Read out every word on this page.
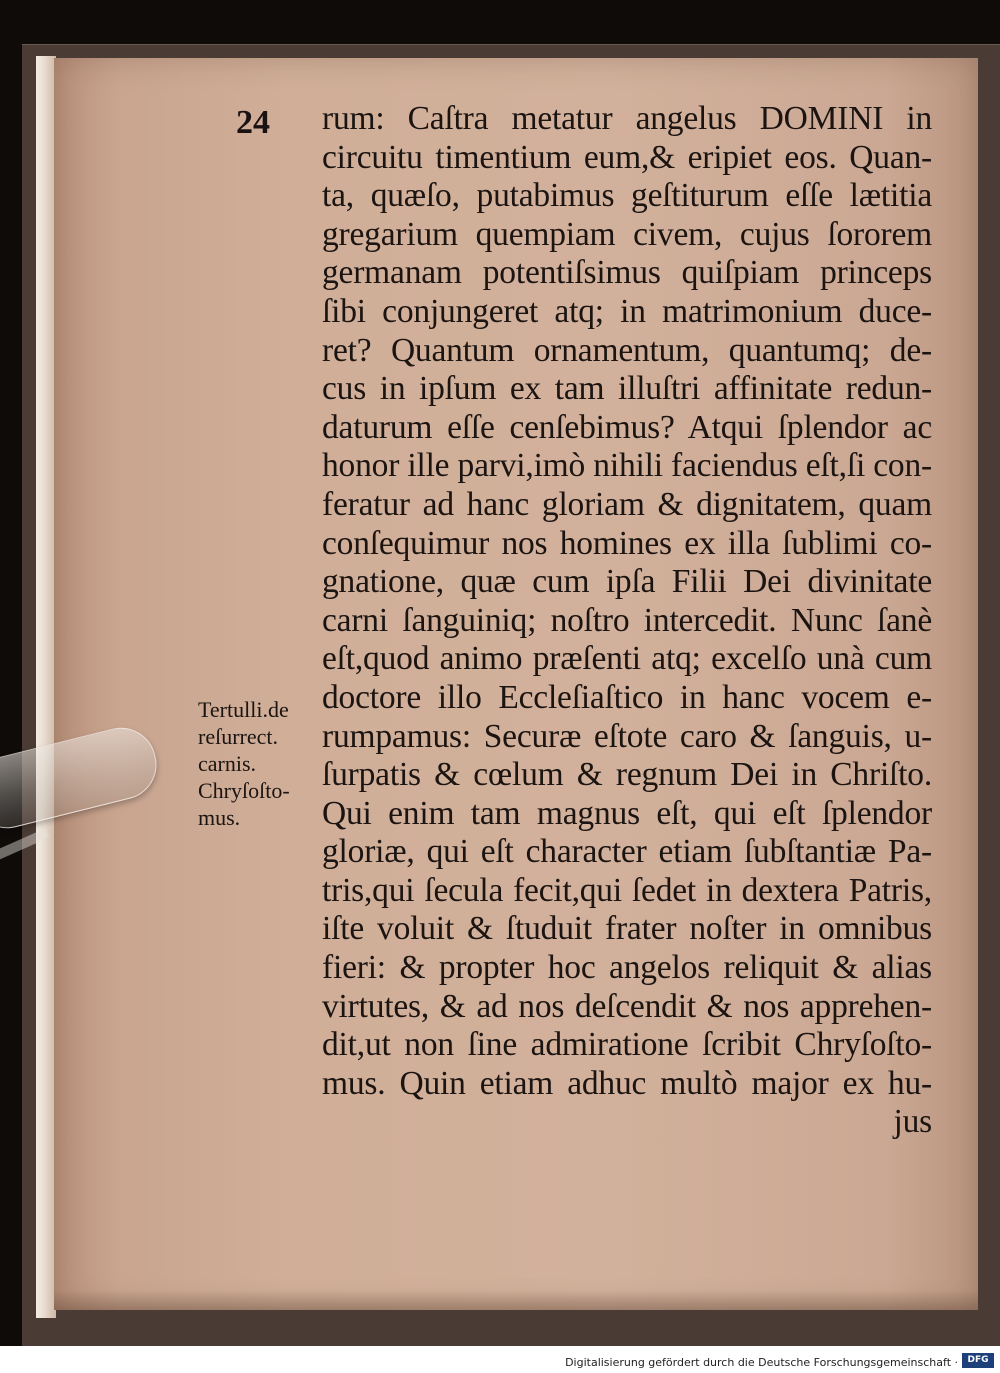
24 rum: Caſtra metatur angelus DOMINI in
circuitu timentium eum,& eripiet eos. Quan-
ta, quæſo, putabimus geſtiturum eſſe lætitia
gregarium quempiam civem, cujus ſororem
germanam potentiſsimus quiſpiam princeps
ſibi conjungeret atq; in matrimonium duce-
ret? Quantum ornamentum, quantumq; de-
cus in ipſum ex tam illuſtri affinitate redun-
daturum eſſe cenſebimus? Atqui ſplendor ac
honor ille parvi,imò nihili faciendus eſt,ſi con-
feratur ad hanc gloriam & dignitatem, quam
conſequimur nos homines ex illa ſublimi co-
gnatione, quæ cum ipſa Filii Dei divinitate
carni ſanguiniq; noſtro intercedit. Nunc ſanè
eſt,quod animo præſenti atq; excelſo unà cum
doctore illo Eccleſiaſtico in hanc vocem e-
rumpamus: Securæ eſtote caro & ſanguis, u-
ſurpatis & cœlum & regnum Dei in Chriſto.
Qui enim tam magnus eſt, qui eſt ſplendor
gloriæ, qui eſt character etiam ſubſtantiæ Pa-
tris,qui ſecula fecit,qui ſedet in dextera Patris,
iſte voluit & ſtuduit frater noſter in omnibus
fieri: & propter hoc angelos reliquit & alias
virtutes, & ad nos deſcendit & nos apprehen-
dit,ut non ſine admiratione ſcribit Chryſoſto-
mus. Quin etiam adhuc multò major ex hu-
jus
Tertulli.de
reſurrect.
carnis.
Chryſoſto-
mus.
Digitalisierung gefördert durch die Deutsche Forschungsgemeinschaft ·	DFG
